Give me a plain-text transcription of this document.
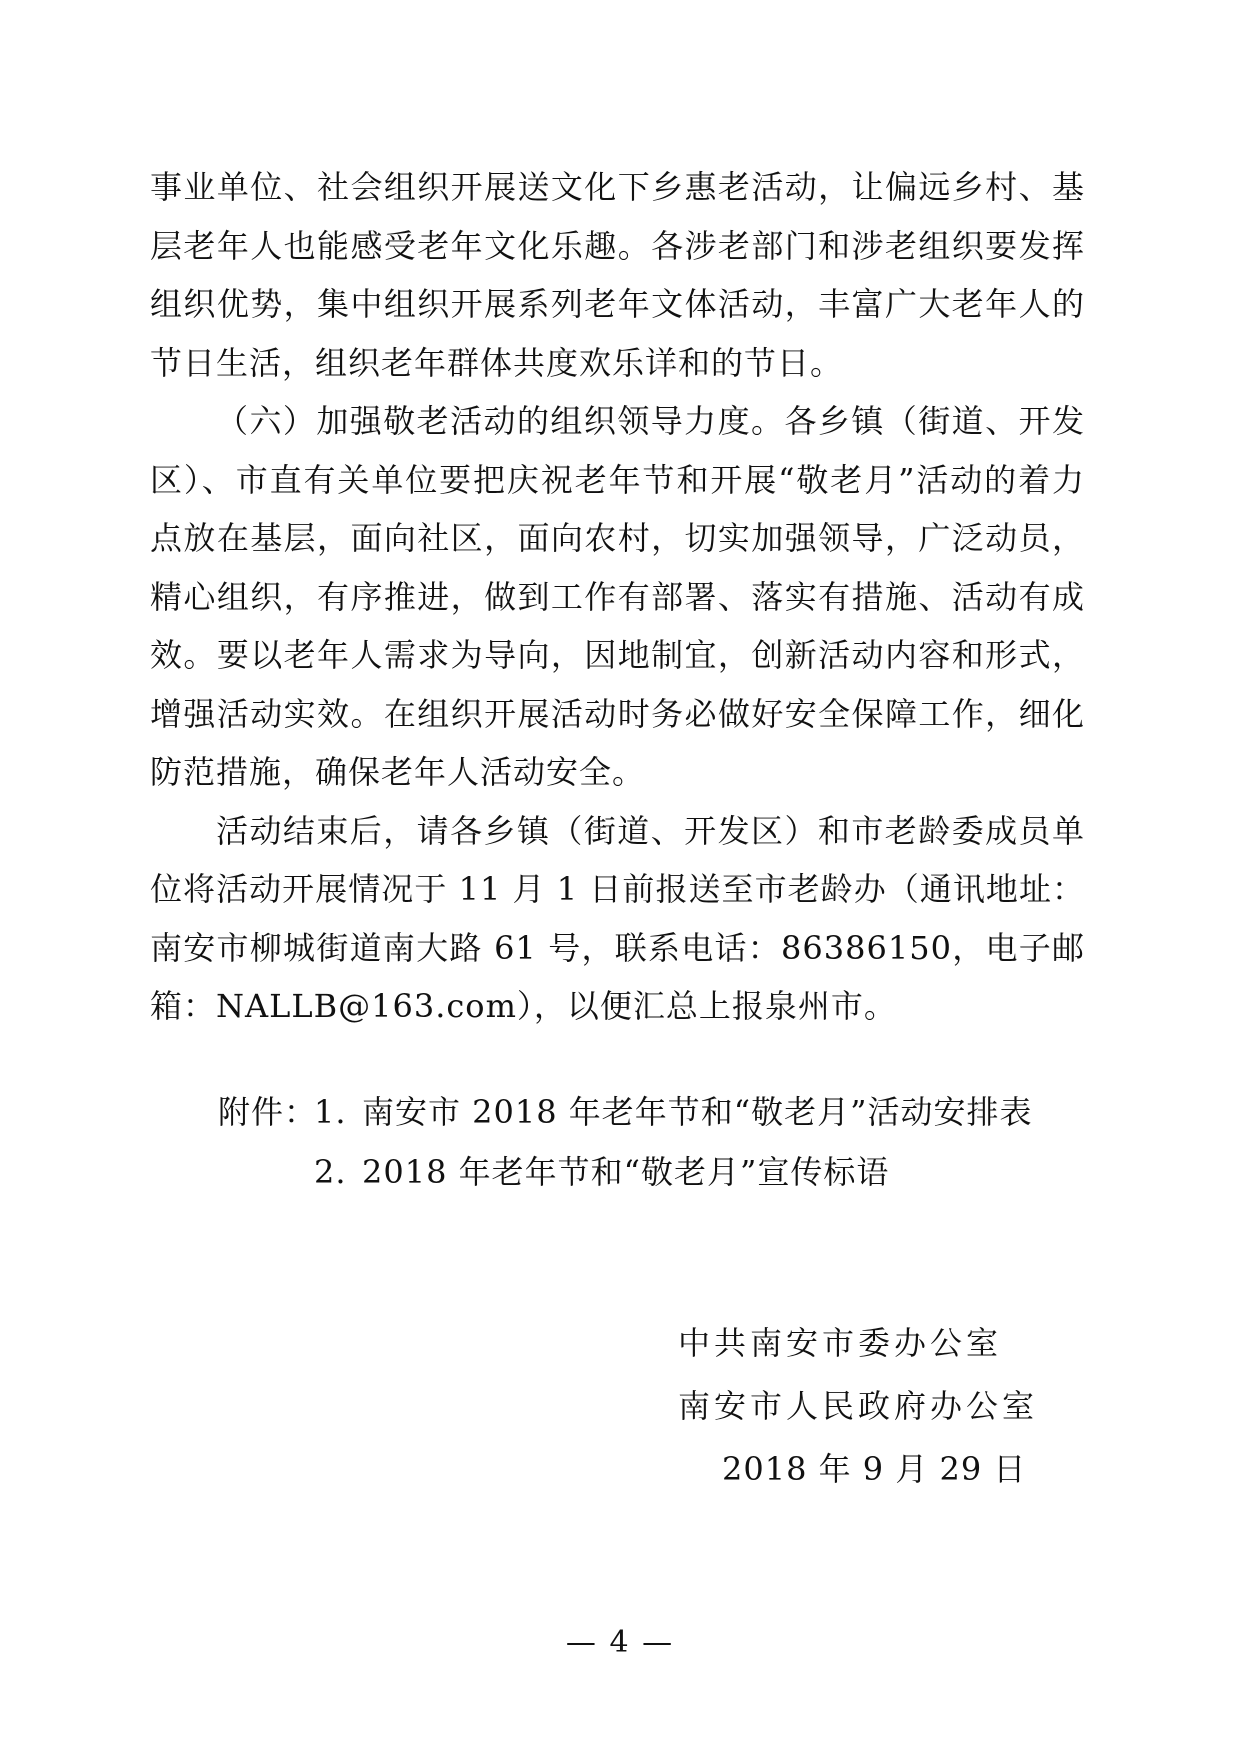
事业单位、社会组织开展送文化下乡惠老活动，让偏远乡村、基层老年人也能感受老年文化乐趣。各涉老部门和涉老组织要发挥组织优势，集中组织开展系列老年文体活动，丰富广大老年人的节日生活，组织老年群体共度欢乐详和的节日。

（六）加强敬老活动的组织领导力度。各乡镇（街道、开发区）、市直有关单位要把庆祝老年节和开展“敬老月”活动的着力点放在基层，面向社区，面向农村，切实加强领导，广泛动员，精心组织，有序推进，做到工作有部署、落实有措施、活动有成效。要以老年人需求为导向，因地制宜，创新活动内容和形式，增强活动实效。在组织开展活动时务必做好安全保障工作，细化防范措施，确保老年人活动安全。

活动结束后，请各乡镇（街道、开发区）和市老龄委成员单位将活动开展情况于 11 月 1 日前报送至市老龄办（通讯地址：南安市柳城街道南大路 61 号，联系电话：86386150，电子邮箱：NALLB@163.com），以便汇总上报泉州市。

附件：
1. 南安市 2018 年老年节和“敬老月”活动安排表
2. 2018 年老年节和“敬老月”宣传标语
中共南安市委办公室
南安市人民政府办公室
2018 年 9 月 29 日
— 4 —
